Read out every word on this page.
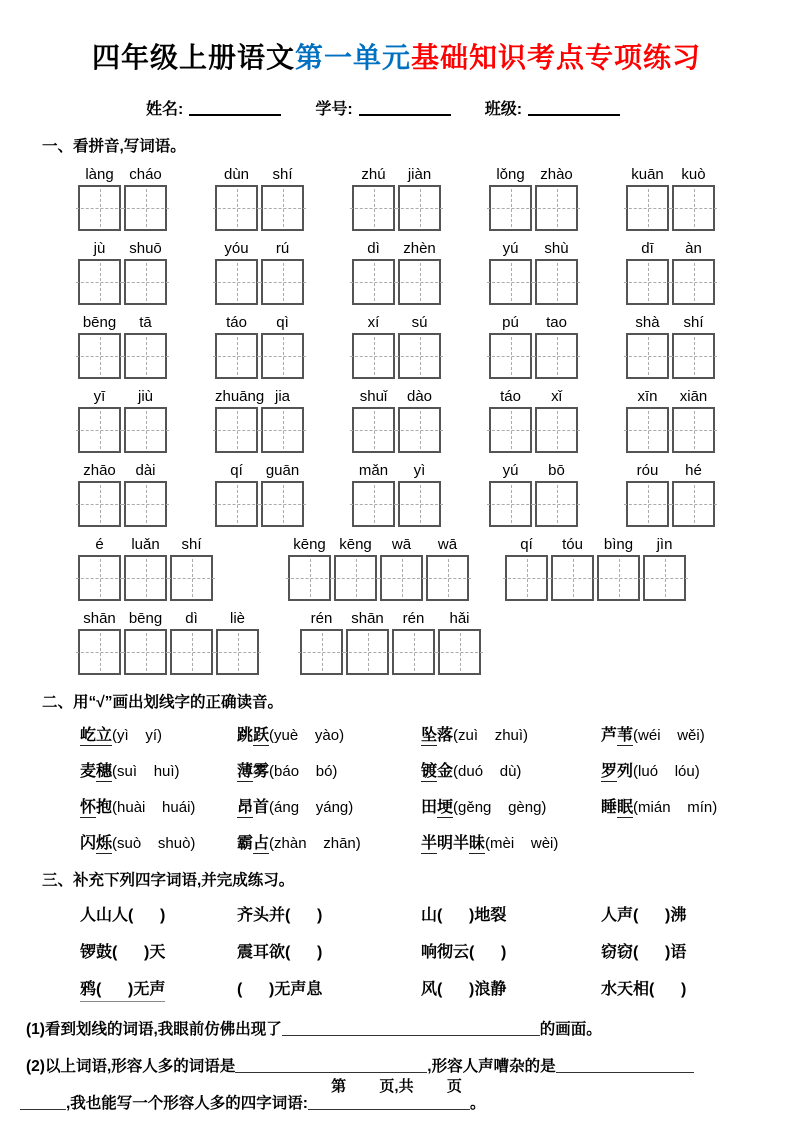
四年级上册语文第一单元基础知识考点专项练习
姓名:	学号:	班级:
一、看拼音,写词语。
làng	cháo	dùn	shí	zhú	jiàn	lǒng	zhào	kuān	kuò
jù	shuō	yóu	rú	dì	zhèn	yú	shù	dī	àn
bēng	tā	táo	qì	xí	sú	pú	tao	shà	shí
yī	jiù	zhuāng jia	shuǐ	dào	táo	xǐ	xīn	xiān
zhāo	dài	qí	guān	mǎn	yì	yú	bō	róu	hé
é	luǎn	shí	kēng kēng	wā	wā	qí	tóu	bìng	jìn
shān bēng	dì	liè	rén	shān	rén	hǎi
二、用“√”画出划线字的正确读音。
屹立(yì    yí)	跳跃(yuè    yào)	坠落(zuì    zhuì)	芦苇(wéi    wěi)
麦穗(suì    huì)	薄雾(báo    bó)	镀金(duó    dù)	罗列(luó    lóu)
怀抱(huài    huái)	昂首(áng    yáng)	田埂(gěng    gèng)	睡眠(mián    mín)
闪烁(suò    shuò)	霸占(zhàn    zhān)	半明半昧(mèi    wèi)
三、补充下列四字词语,并完成练习。
人山人(      )	齐头并(      )	山(      )地裂	人声(      )沸
锣鼓(      )天	震耳欲(      )	响彻云(      )	窃窃(      )语
鸦(      )无声	(      )无声息	风(      )浪静	水天相(      )
(1)看到划线的词语,我眼前仿佛出现了	的画面。
(2)以上词语,形容人多的词语是	,形容人声嘈杂的是
,我也能写一个形容人多的四字词语:	。
第        页,共        页
